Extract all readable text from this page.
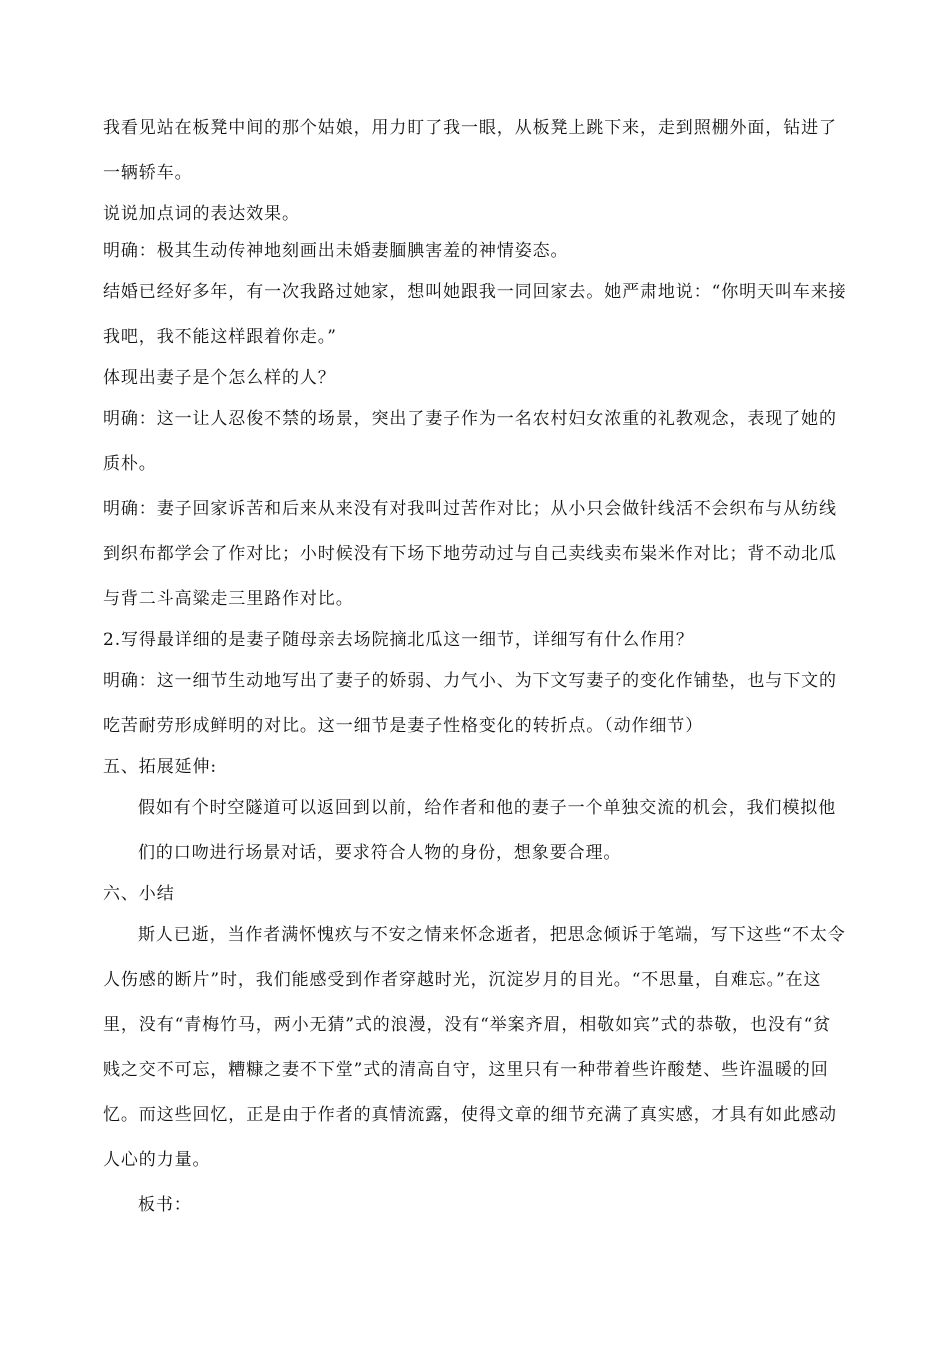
我看见站在板凳中间的那个姑娘，用力盯了我一眼，从板凳上跳下来，走到照棚外面，钻进了一辆轿车。

说说加点词的表达效果。

明确：极其生动传神地刻画出未婚妻腼腆害羞的神情姿态。

结婚已经好多年，有一次我路过她家，想叫她跟我一同回家去。她严肃地说：“你明天叫车来接我吧，我不能这样跟着你走。”

体现出妻子是个怎么样的人？

明确：这一让人忍俊不禁的场景，突出了妻子作为一名农村妇女浓重的礼教观念，表现了她的质朴。

明确：妻子回家诉苦和后来从来没有对我叫过苦作对比；从小只会做针线活不会织布与从纺线到织布都学会了作对比；小时候没有下场下地劳动过与自己卖线卖布粜米作对比；背不动北瓜与背二斗高粱走三里路作对比。

2.写得最详细的是妻子随母亲去场院摘北瓜这一细节，详细写有什么作用？

明确：这一细节生动地写出了妻子的娇弱、力气小、为下文写妻子的变化作铺垫，也与下文的吃苦耐劳形成鲜明的对比。这一细节是妻子性格变化的转折点。（动作细节）

五、拓展延伸:

假如有个时空隧道可以返回到以前，给作者和他的妻子一个单独交流的机会，我们模拟他们的口吻进行场景对话，要求符合人物的身份，想象要合理。

六、小结

斯人已逝，当作者满怀愧疚与不安之情来怀念逝者，把思念倾诉于笔端，写下这些“不太令人伤感的断片”时，我们能感受到作者穿越时光，沉淀岁月的目光。“不思量，自难忘。”在这里，没有“青梅竹马，两小无猜”式的浪漫，没有“举案齐眉，相敬如宾”式的恭敬，也没有“贫贱之交不可忘，糟糠之妻不下堂”式的清高自守，这里只有一种带着些许酸楚、些许温暖的回忆。而这些回忆，正是由于作者的真情流露，使得文章的细节充满了真实感，才具有如此感动人心的力量。

板书：
